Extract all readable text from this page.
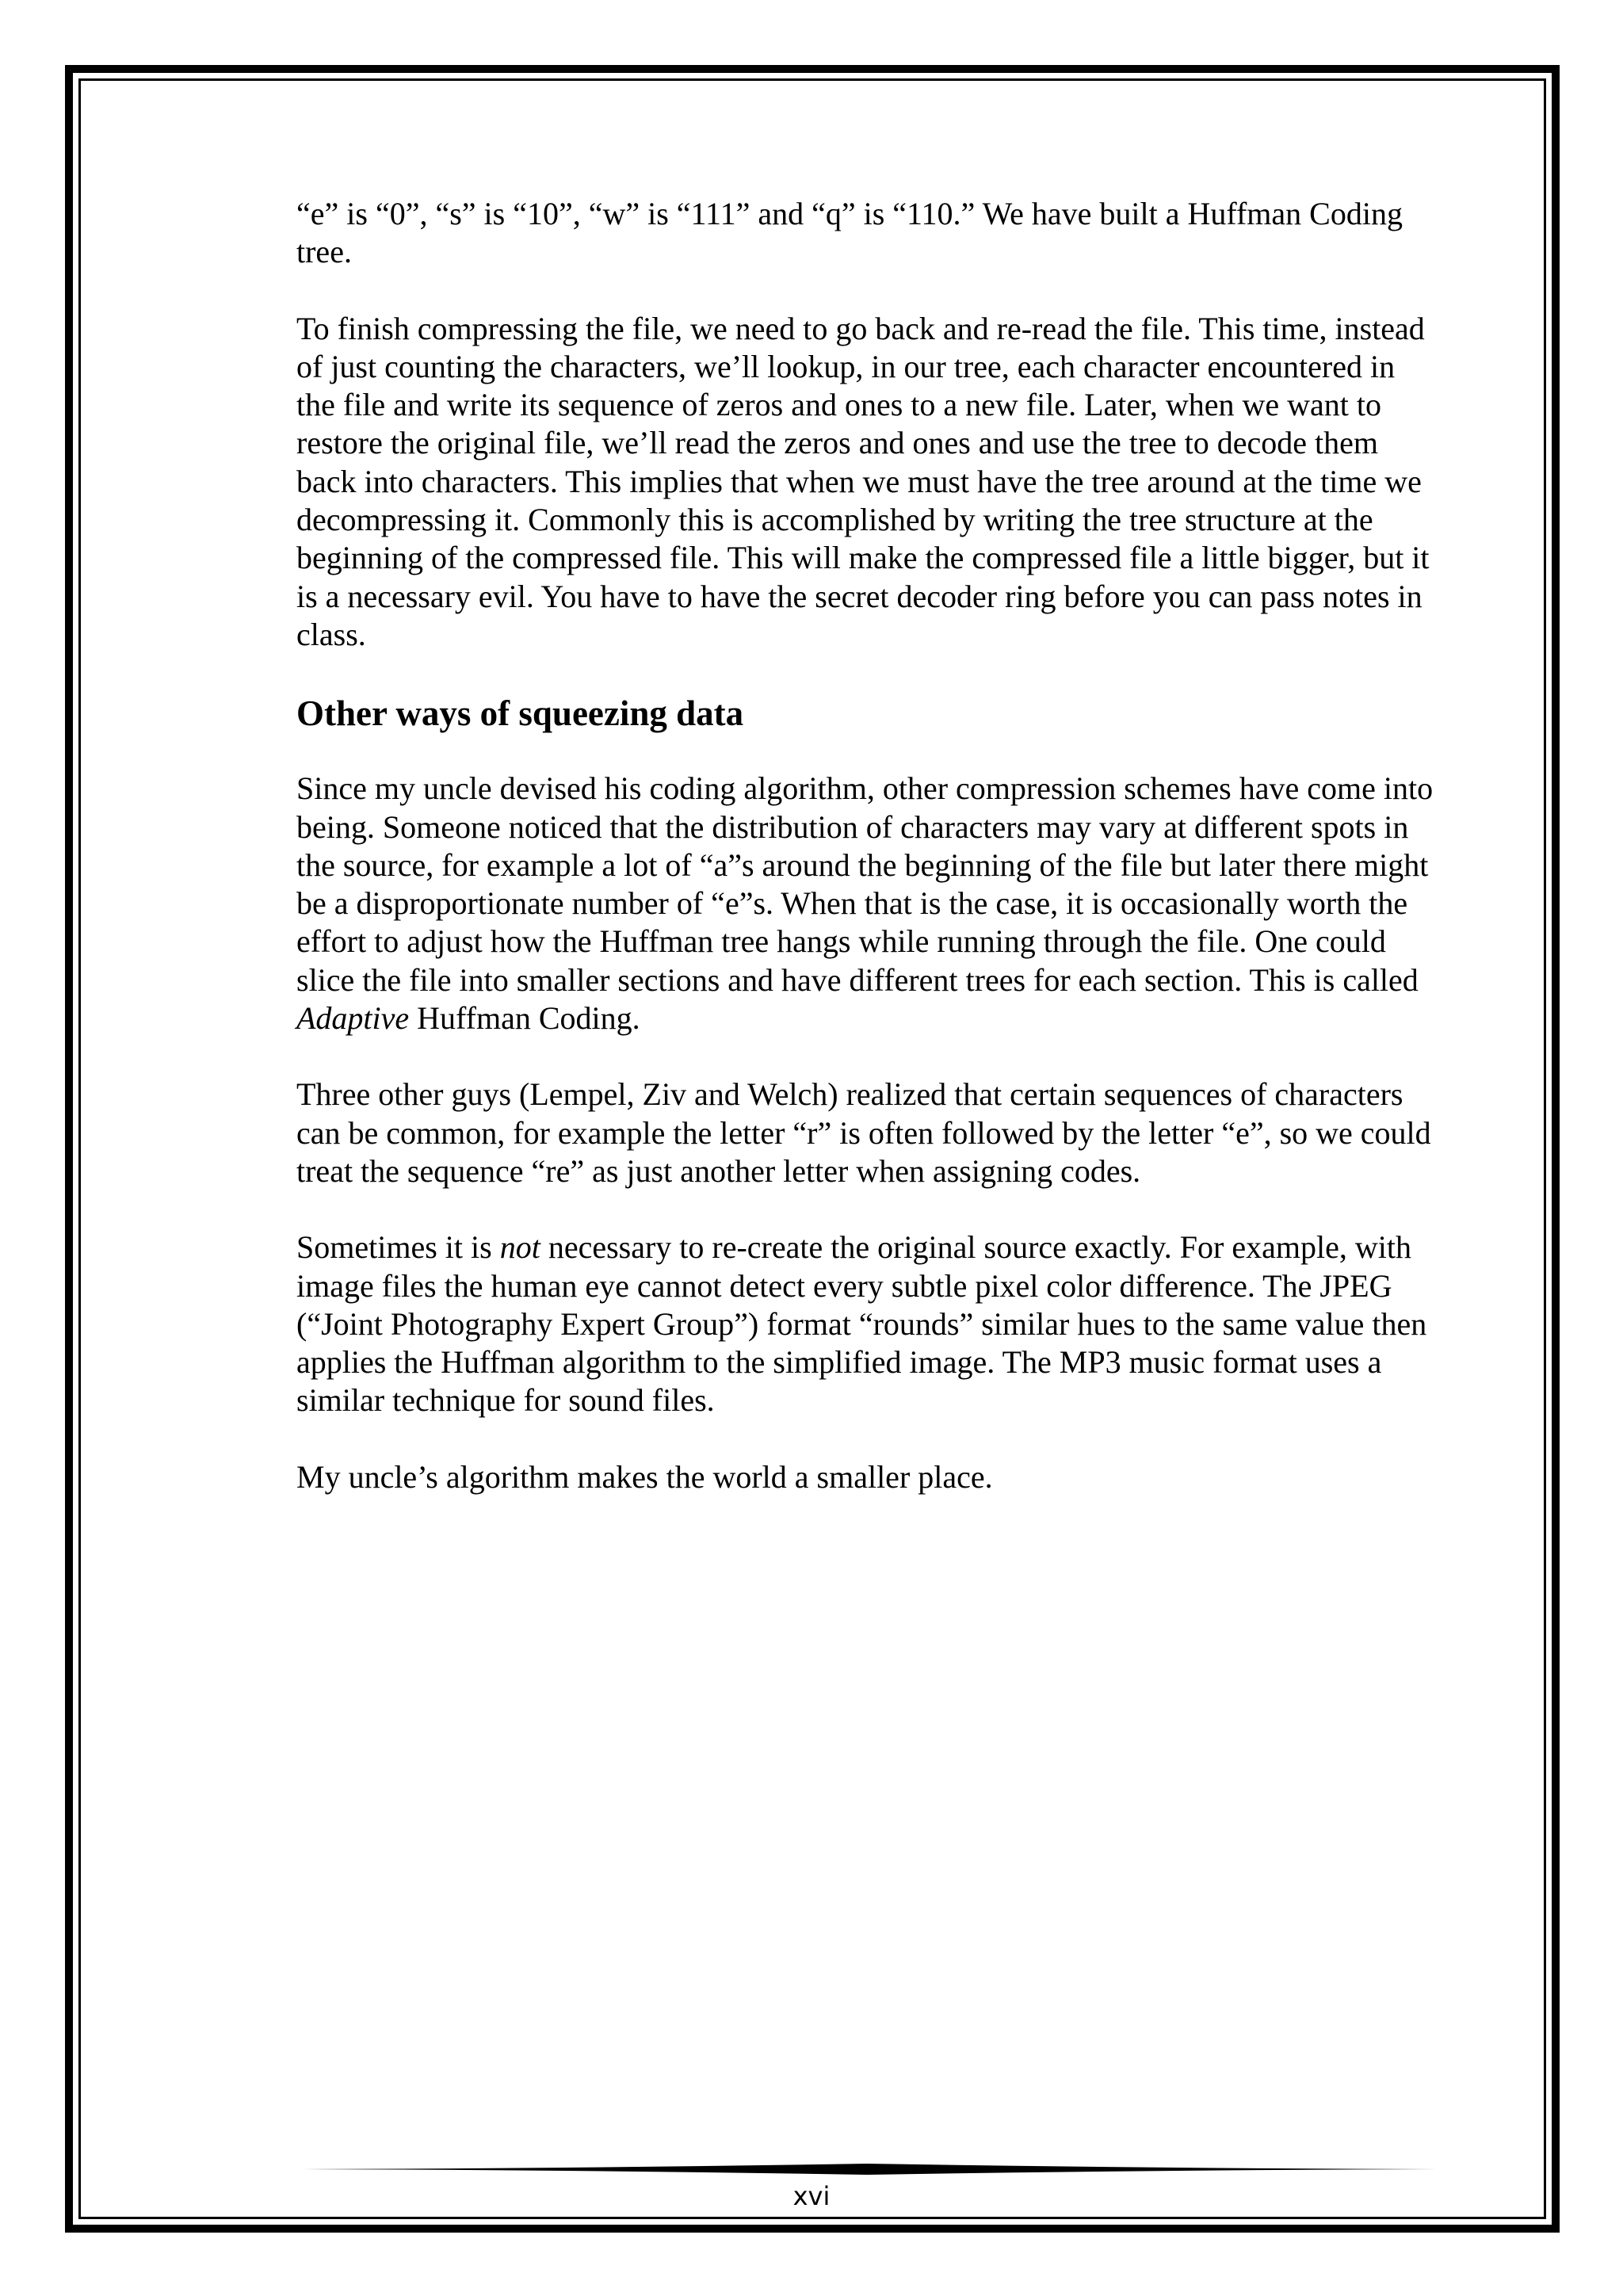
“e” is “0”, “s” is “10”, “w” is “111” and “q” is “110.” We have built a Huffman Coding tree.

To finish compressing the file, we need to go back and re-read the file. This time, instead of just counting the characters, we’ll lookup, in our tree, each character encountered in the file and write its sequence of zeros and ones to a new file. Later, when we want to restore the original file, we’ll read the zeros and ones and use the tree to decode them back into characters. This implies that when we must have the tree around at the time we decompressing it. Commonly this is accomplished by writing the tree structure at the beginning of the compressed file. This will make the compressed file a little bigger, but it is a necessary evil. You have to have the secret decoder ring before you can pass notes in class.

Other ways of squeezing data

Since my uncle devised his coding algorithm, other compression schemes have come into being. Someone noticed that the distribution of characters may vary at different spots in the source, for example a lot of “a”s around the beginning of the file but later there might be a disproportionate number of “e”s. When that is the case, it is occasionally worth the effort to adjust how the Huffman tree hangs while running through the file. One could slice the file into smaller sections and have different trees for each section. This is called Adaptive Huffman Coding.

Three other guys (Lempel, Ziv and Welch) realized that certain sequences of characters can be common, for example the letter “r” is often followed by the letter “e”, so we could treat the sequence “re” as just another letter when assigning codes.

Sometimes it is not necessary to re-create the original source exactly. For example, with image files the human eye cannot detect every subtle pixel color difference. The JPEG (“Joint Photography Expert Group”) format “rounds” similar hues to the same value then applies the Huffman algorithm to the simplified image. The MP3 music format uses a similar technique for sound files.

My uncle’s algorithm makes the world a smaller place.

xvi
